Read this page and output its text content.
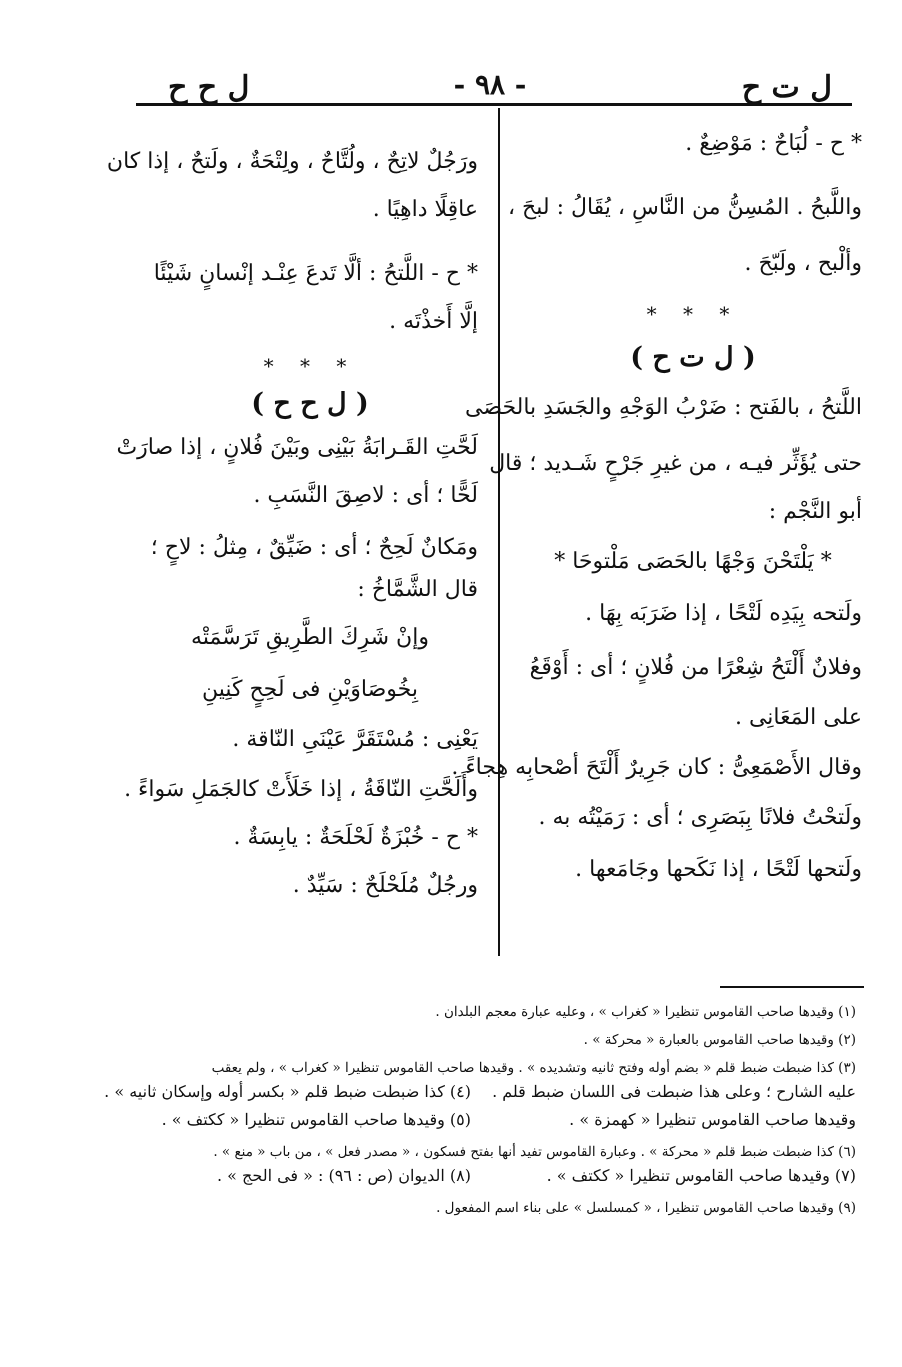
ل ت ح
- ٩٨ -
ل ح ح

* ح - لُبَاحٌ : مَوْضِعٌ .

واللَّبحُ . المُسِنُّ من النَّاسِ ، يُقَالُ : لبحَ ،

وألْبح ، ولَبّحَ .

* * *

( ل ت ح )

اللَّتحُ ، بالفَتح : ضَرْبُ الوَجْهِ والجَسَدِ بالحَصَى

حتى يُؤَثِّر فيـه ، من غيرِ جَرْحٍ شَـديد ؛ قال

أبو النَّجْم :

* يَلْتَحْنَ وَجْهًا بالحَصَى مَلْتوحَا *

ولَتحه بِيَدِه لَتْحًا ، إذا ضَرَبَه بِهَا .

وفلانٌ أَلْتَحُ شِعْرًا من فُلانٍ ؛ أى : أَوْقَعُ

على المَعَانِى .

وقال الأَصْمَعِىُّ : كان جَرِيرٌ أَلْتَحَ أصْحابِه هِجاءً .

ولَتحْتُ فلانًا بِبَصَرِى ؛ أى : رَمَيْتُه به .

ولَتحها لَتْحًا ، إذا نَكَحها وجَامَعها .

ورَجُلٌ لاتِحٌ ، ولُتَّاحٌ ، ولِتْحَةٌ ، ولَتحٌ ، إذا كان

عاقِلًا داهِيًا .

* ح - اللَّتحُ : ألَّا تَدعَ عِنْـد إنْسانٍ شَيْئًا

إلَّا أَخذْتَه .

* * *

( ل ح ح )

لَحَّتِ القَـرابَةُ بَيْنِى وبَيْنَ فُلانٍ ، إذا صارَتْ

لَحًّا ؛ أى : لاصِقَ النَّسَبِ .

ومَكانٌ لَحِحٌ ؛ أى : ضَيِّقٌ ، مِثلُ : لاحٍ ؛

قال الشَّمَّاخُ :

وإنْ شَرِكَ الطَّرِيقِ تَرَسَّمَتْه

بِخُوصَاوَيْنِ فى لَحِحٍ كَنِينِ

يَعْنِى : مُسْتَقَرَّ عَيْنَىِ النّاقة .

وأَلَحَّتِ النّاقَةُ ، إذا خَلَأَتْ كالجَمَلِ سَواءً .

* ح - خُبْزَةٌ لَحْلَحَةٌ : يابِسَةٌ .

ورجُلٌ مُلَحْلَحٌ : سَيِّدٌ .

(١) وقيدها صاحب القاموس تنظيرا « كغراب » ، وعليه عبارة معجم البلدان .

(٢) وقيدها صاحب القاموس بالعبارة « محركة » .

(٣) كذا ضبطت ضبط قلم « بضم أوله وفتح ثانيه وتشديده » . وقيدها صاحب القاموس تنظيرا « كغراب » ، ولم يعقب

عليه الشارح ؛ وعلى هذا ضبطت فى اللسان ضبط قلم .
(٤) كذا ضبطت ضبط قلم « بكسر أوله وإسكان ثانيه » .
وقيدها صاحب القاموس تنظيرا « كهمزة » .
(٥) وقيدها صاحب القاموس تنظيرا « ككتف » .

(٦) كذا ضبطت ضبط قلم « محركة » . وعبارة القاموس تفيد أنها بفتح فسكون ، « مصدر فعل » ، من باب « منع » .

(٧) وقيدها صاحب القاموس تنظيرا « ككتف » .
(٨) الديوان (ص : ٩٦) : « فى الحج » .

(٩) وقيدها صاحب القاموس تنظيرا ، « كمسلسل » على بناء اسم المفعول .
